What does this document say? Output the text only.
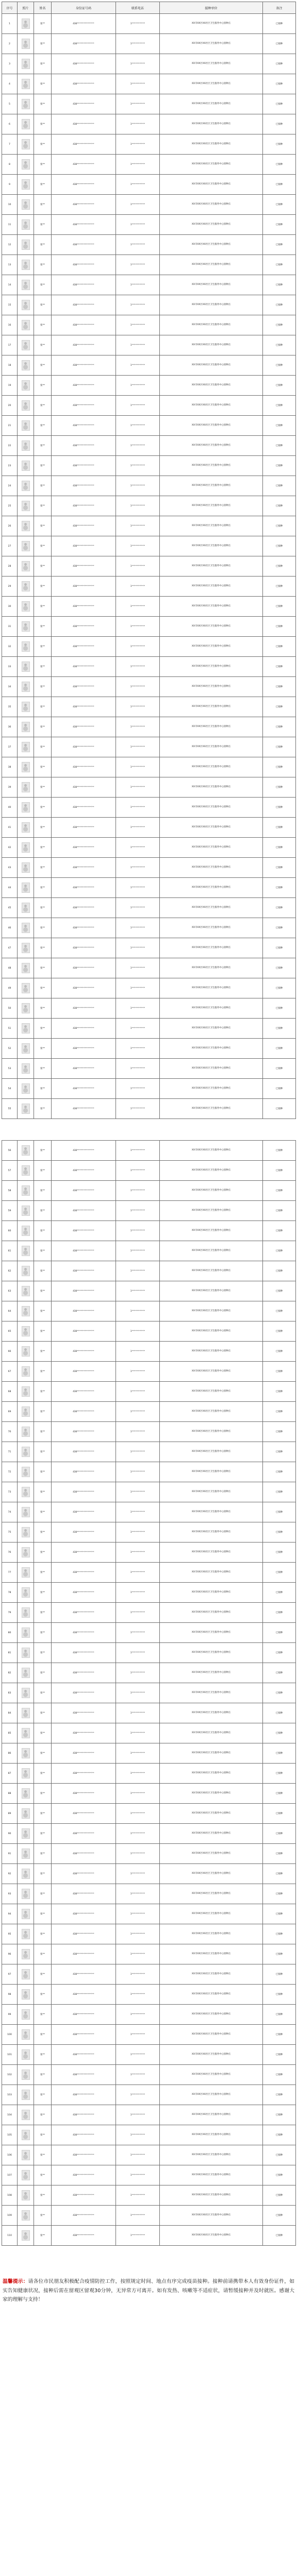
序号	照片	姓名	身份证号码	联系电话	接种单位	备注
1		张**	430*************	1**********	XX市XX区XX社区卫生服务中心接种点	已接种
2		张**	430*************	1**********	XX市XX区XX社区卫生服务中心接种点	已接种
3		张**	430*************	1**********	XX市XX区XX社区卫生服务中心接种点	已接种
4		张**	430*************	1**********	XX市XX区XX社区卫生服务中心接种点	已接种
5		张**	430*************	1**********	XX市XX区XX社区卫生服务中心接种点	已接种
6		张**	430*************	1**********	XX市XX区XX社区卫生服务中心接种点	已接种
7		张**	430*************	1**********	XX市XX区XX社区卫生服务中心接种点	已接种
8		张**	430*************	1**********	XX市XX区XX社区卫生服务中心接种点	已接种
9		张**	430*************	1**********	XX市XX区XX社区卫生服务中心接种点	已接种
10		张**	430*************	1**********	XX市XX区XX社区卫生服务中心接种点	已接种
11		张**	430*************	1**********	XX市XX区XX社区卫生服务中心接种点	已接种
12		张**	430*************	1**********	XX市XX区XX社区卫生服务中心接种点	已接种
13		张**	430*************	1**********	XX市XX区XX社区卫生服务中心接种点	已接种
14		张**	430*************	1**********	XX市XX区XX社区卫生服务中心接种点	已接种
15		张**	430*************	1**********	XX市XX区XX社区卫生服务中心接种点	已接种
16		张**	430*************	1**********	XX市XX区XX社区卫生服务中心接种点	已接种
17		张**	430*************	1**********	XX市XX区XX社区卫生服务中心接种点	已接种
18		张**	430*************	1**********	XX市XX区XX社区卫生服务中心接种点	已接种
19		张**	430*************	1**********	XX市XX区XX社区卫生服务中心接种点	已接种
20		张**	430*************	1**********	XX市XX区XX社区卫生服务中心接种点	已接种
21		张**	430*************	1**********	XX市XX区XX社区卫生服务中心接种点	已接种
22		张**	430*************	1**********	XX市XX区XX社区卫生服务中心接种点	已接种
23		张**	430*************	1**********	XX市XX区XX社区卫生服务中心接种点	已接种
24		张**	430*************	1**********	XX市XX区XX社区卫生服务中心接种点	已接种
25		张**	430*************	1**********	XX市XX区XX社区卫生服务中心接种点	已接种
26		张**	430*************	1**********	XX市XX区XX社区卫生服务中心接种点	已接种
27		张**	430*************	1**********	XX市XX区XX社区卫生服务中心接种点	已接种
28		张**	430*************	1**********	XX市XX区XX社区卫生服务中心接种点	已接种
29		张**	430*************	1**********	XX市XX区XX社区卫生服务中心接种点	已接种
30		张**	430*************	1**********	XX市XX区XX社区卫生服务中心接种点	已接种
31		张**	430*************	1**********	XX市XX区XX社区卫生服务中心接种点	已接种
32		张**	430*************	1**********	XX市XX区XX社区卫生服务中心接种点	已接种
33		张**	430*************	1**********	XX市XX区XX社区卫生服务中心接种点	已接种
34		张**	430*************	1**********	XX市XX区XX社区卫生服务中心接种点	已接种
35		张**	430*************	1**********	XX市XX区XX社区卫生服务中心接种点	已接种
36		张**	430*************	1**********	XX市XX区XX社区卫生服务中心接种点	已接种
37		张**	430*************	1**********	XX市XX区XX社区卫生服务中心接种点	已接种
38		张**	430*************	1**********	XX市XX区XX社区卫生服务中心接种点	已接种
39		张**	430*************	1**********	XX市XX区XX社区卫生服务中心接种点	已接种
40		张**	430*************	1**********	XX市XX区XX社区卫生服务中心接种点	已接种
41		张**	430*************	1**********	XX市XX区XX社区卫生服务中心接种点	已接种
42		张**	430*************	1**********	XX市XX区XX社区卫生服务中心接种点	已接种
43		张**	430*************	1**********	XX市XX区XX社区卫生服务中心接种点	已接种
44		张**	430*************	1**********	XX市XX区XX社区卫生服务中心接种点	已接种
45		张**	430*************	1**********	XX市XX区XX社区卫生服务中心接种点	已接种
46		张**	430*************	1**********	XX市XX区XX社区卫生服务中心接种点	已接种
47		张**	430*************	1**********	XX市XX区XX社区卫生服务中心接种点	已接种
48		张**	430*************	1**********	XX市XX区XX社区卫生服务中心接种点	已接种
49		张**	430*************	1**********	XX市XX区XX社区卫生服务中心接种点	已接种
50		张**	430*************	1**********	XX市XX区XX社区卫生服务中心接种点	已接种
51		张**	430*************	1**********	XX市XX区XX社区卫生服务中心接种点	已接种
52		张**	430*************	1**********	XX市XX区XX社区卫生服务中心接种点	已接种
53		张**	430*************	1**********	XX市XX区XX社区卫生服务中心接种点	已接种
54		张**	430*************	1**********	XX市XX区XX社区卫生服务中心接种点	已接种
55		张**	430*************	1**********	XX市XX区XX社区卫生服务中心接种点	已接种
56		张**	430*************	1**********	XX市XX区XX社区卫生服务中心接种点	已接种
57		张**	430*************	1**********	XX市XX区XX社区卫生服务中心接种点	已接种
58		张**	430*************	1**********	XX市XX区XX社区卫生服务中心接种点	已接种
59		张**	430*************	1**********	XX市XX区XX社区卫生服务中心接种点	已接种
60		张**	430*************	1**********	XX市XX区XX社区卫生服务中心接种点	已接种
61		张**	430*************	1**********	XX市XX区XX社区卫生服务中心接种点	已接种
62		张**	430*************	1**********	XX市XX区XX社区卫生服务中心接种点	已接种
63		张**	430*************	1**********	XX市XX区XX社区卫生服务中心接种点	已接种
64		张**	430*************	1**********	XX市XX区XX社区卫生服务中心接种点	已接种
65		张**	430*************	1**********	XX市XX区XX社区卫生服务中心接种点	已接种
66		张**	430*************	1**********	XX市XX区XX社区卫生服务中心接种点	已接种
67		张**	430*************	1**********	XX市XX区XX社区卫生服务中心接种点	已接种
68		张**	430*************	1**********	XX市XX区XX社区卫生服务中心接种点	已接种
69		张**	430*************	1**********	XX市XX区XX社区卫生服务中心接种点	已接种
70		张**	430*************	1**********	XX市XX区XX社区卫生服务中心接种点	已接种
71		张**	430*************	1**********	XX市XX区XX社区卫生服务中心接种点	已接种
72		张**	430*************	1**********	XX市XX区XX社区卫生服务中心接种点	已接种
73		张**	430*************	1**********	XX市XX区XX社区卫生服务中心接种点	已接种
74		张**	430*************	1**********	XX市XX区XX社区卫生服务中心接种点	已接种
75		张**	430*************	1**********	XX市XX区XX社区卫生服务中心接种点	已接种
76		张**	430*************	1**********	XX市XX区XX社区卫生服务中心接种点	已接种
77		张**	430*************	1**********	XX市XX区XX社区卫生服务中心接种点	已接种
78		张**	430*************	1**********	XX市XX区XX社区卫生服务中心接种点	已接种
79		张**	430*************	1**********	XX市XX区XX社区卫生服务中心接种点	已接种
80		张**	430*************	1**********	XX市XX区XX社区卫生服务中心接种点	已接种
81		张**	430*************	1**********	XX市XX区XX社区卫生服务中心接种点	已接种
82		张**	430*************	1**********	XX市XX区XX社区卫生服务中心接种点	已接种
83		张**	430*************	1**********	XX市XX区XX社区卫生服务中心接种点	已接种
84		张**	430*************	1**********	XX市XX区XX社区卫生服务中心接种点	已接种
85		张**	430*************	1**********	XX市XX区XX社区卫生服务中心接种点	已接种
86		张**	430*************	1**********	XX市XX区XX社区卫生服务中心接种点	已接种
87		张**	430*************	1**********	XX市XX区XX社区卫生服务中心接种点	已接种
88		张**	430*************	1**********	XX市XX区XX社区卫生服务中心接种点	已接种
89		张**	430*************	1**********	XX市XX区XX社区卫生服务中心接种点	已接种
90		张**	430*************	1**********	XX市XX区XX社区卫生服务中心接种点	已接种
91		张**	430*************	1**********	XX市XX区XX社区卫生服务中心接种点	已接种
92		张**	430*************	1**********	XX市XX区XX社区卫生服务中心接种点	已接种
93		张**	430*************	1**********	XX市XX区XX社区卫生服务中心接种点	已接种
94		张**	430*************	1**********	XX市XX区XX社区卫生服务中心接种点	已接种
95		张**	430*************	1**********	XX市XX区XX社区卫生服务中心接种点	已接种
96		张**	430*************	1**********	XX市XX区XX社区卫生服务中心接种点	已接种
97		张**	430*************	1**********	XX市XX区XX社区卫生服务中心接种点	已接种
98		张**	430*************	1**********	XX市XX区XX社区卫生服务中心接种点	已接种
99		张**	430*************	1**********	XX市XX区XX社区卫生服务中心接种点	已接种
100		张**	430*************	1**********	XX市XX区XX社区卫生服务中心接种点	已接种
101		张**	430*************	1**********	XX市XX区XX社区卫生服务中心接种点	已接种
102		张**	430*************	1**********	XX市XX区XX社区卫生服务中心接种点	已接种
103		张**	430*************	1**********	XX市XX区XX社区卫生服务中心接种点	已接种
104		张**	430*************	1**********	XX市XX区XX社区卫生服务中心接种点	已接种
105		张**	430*************	1**********	XX市XX区XX社区卫生服务中心接种点	已接种
106		张**	430*************	1**********	XX市XX区XX社区卫生服务中心接种点	已接种
107		张**	430*************	1**********	XX市XX区XX社区卫生服务中心接种点	已接种
108		张**	430*************	1**********	XX市XX区XX社区卫生服务中心接种点	已接种
109		张**	430*************	1**********	XX市XX区XX社区卫生服务中心接种点	已接种
110		张**	430*************	1**********	XX市XX区XX社区卫生服务中心接种点	已接种

温馨提示：请各位市民朋友积极配合疫情防控工作，按照规定时间、地点有序完成疫苗接种。接种前请携带本人有效身份证件，如实告知健康状况，接种后需在留观区留观30分钟，无异常方可离开。如有发热、咳嗽等不适症状，请暂缓接种并及时就医。感谢大家的理解与支持！
